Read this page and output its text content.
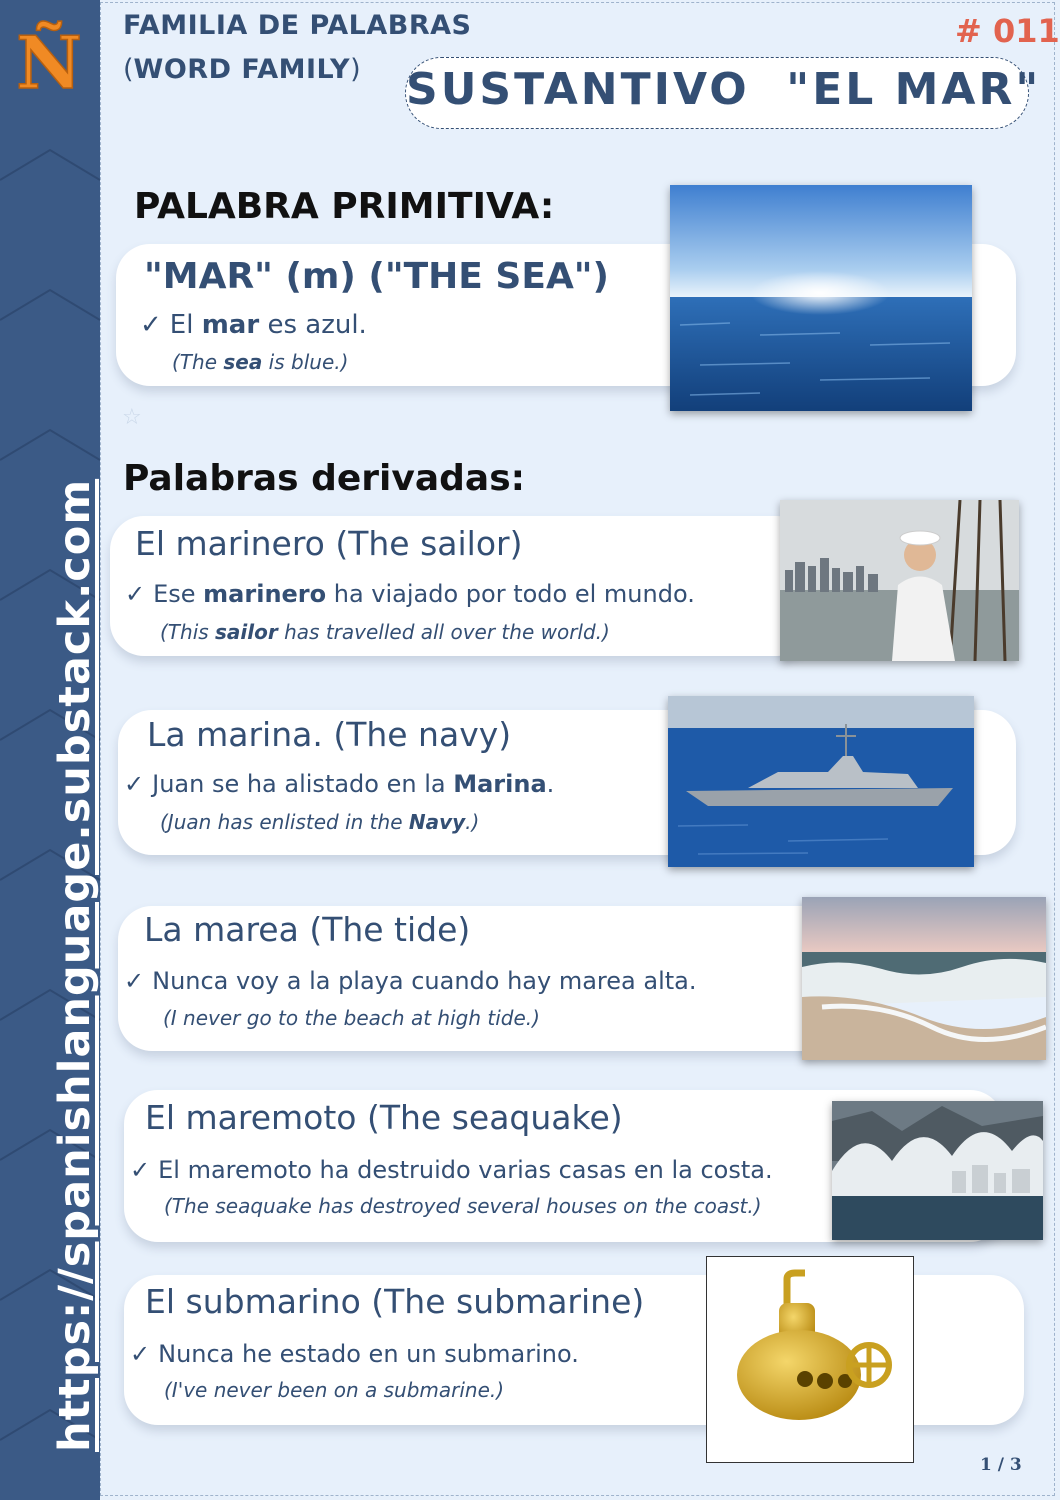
Ñ
https://spanishlanguage.substack.com
FAMILIA DE PALABRAS
(WORD FAMILY)
# 011
SUSTANTIVO  "EL MAR"
PALABRA PRIMITIVA:
"MAR" (m) ("THE SEA")
✓ El mar es azul.
(The sea is blue.)
☆
Palabras derivadas:
El marinero (The sailor)
✓ Ese marinero ha viajado por todo el mundo.
(This sailor has travelled all over the world.)
La marina. (The navy)
✓ Juan se ha alistado en la Marina.
(Juan has enlisted in the Navy.)
La marea (The tide)
✓ Nunca voy a la playa cuando hay marea alta.
(I never go to the beach at high tide.)
El maremoto (The seaquake)
✓ El maremoto ha destruido varias casas en la costa.
(The seaquake has destroyed several houses on the coast.)
El submarino (The submarine)
✓ Nunca he estado en un submarino.
(I've never been on a submarine.)
1 / 3
